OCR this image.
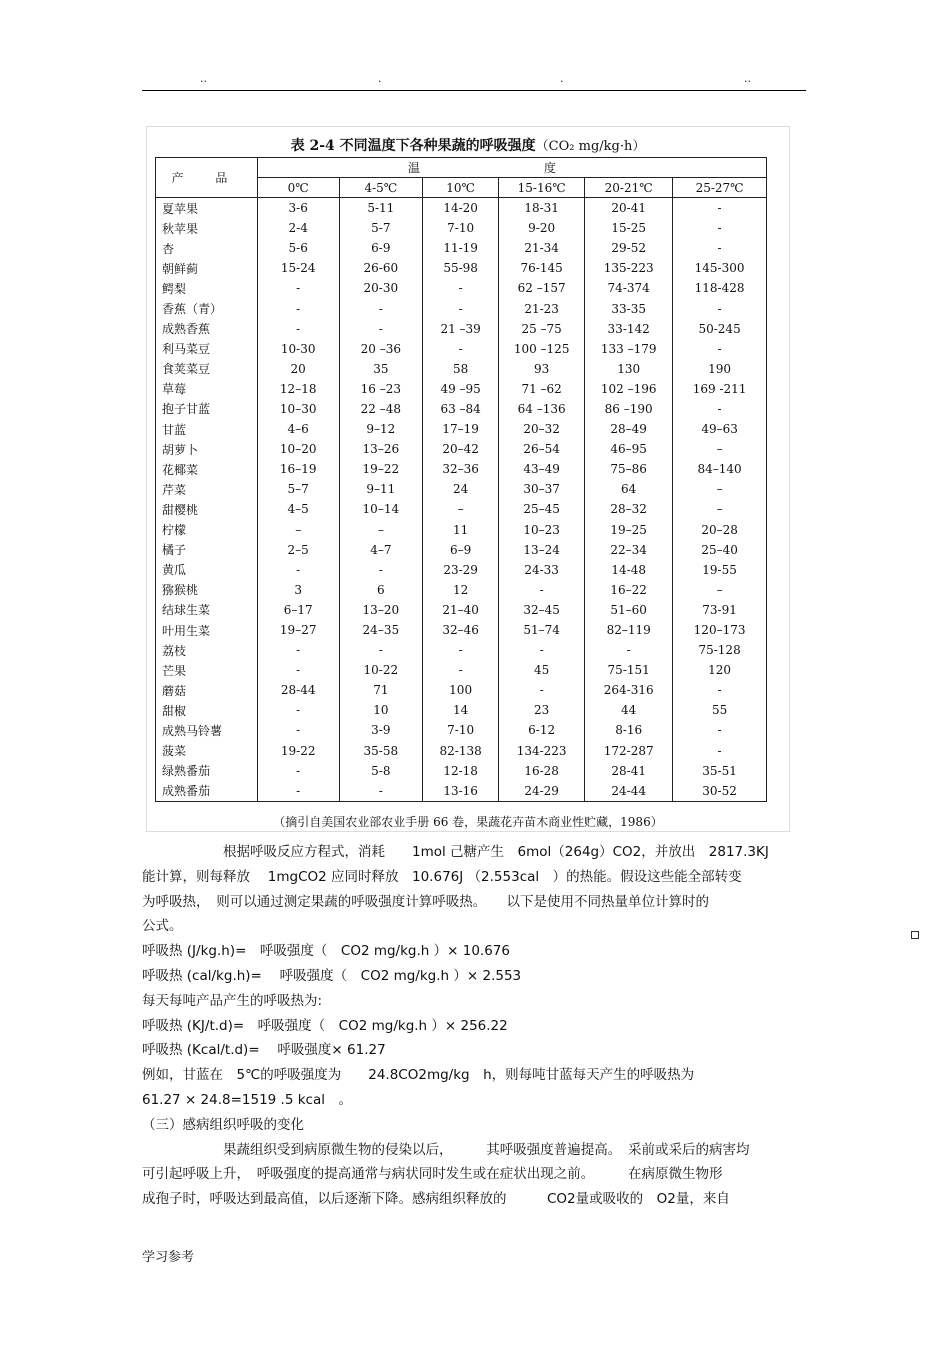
..	.	.	..
表 2-4 不同温度下各种果蔬的呼吸强度（CO₂ mg/kg·h）
产 品	温 度					
	0℃	4-5℃	10℃	15-16℃	20-21℃	25-27℃
夏苹果	3-6	5-11	14-20	18-31	20-41	-
秋苹果	2-4	5-7	7-10	9-20	15-25	-
杏	5-6	6-9	11-19	21-34	29-52	-
朝鲜蓟	15-24	26-60	55-98	76-145	135-223	145-300
鳄梨	-	20-30	-	62 –157	74-374	118-428
香蕉（青）	-	-	-	21-23	33-35	-
成熟香蕉	-	-	21 –39	25 –75	33-142	50-245
利马菜豆	10-30	20 –36	-	100 –125	133 –179	-
食荚菜豆	20	35	58	93	130	190
草莓	12–18	16 –23	49 –95	71 –62	102 –196	169 -211
抱子甘蓝	10–30	22 –48	63 –84	64 –136	86 –190	-
甘蓝	4–6	9–12	17–19	20–32	28–49	49–63
胡萝卜	10–20	13–26	20–42	26–54	46–95	–
花椰菜	16–19	19–22	32–36	43–49	75–86	84–140
芹菜	5–7	9–11	24	30–37	64	–
甜樱桃	4–5	10–14	–	25–45	28–32	–
柠檬	–	–	11	10–23	19–25	20–28
橘子	2–5	4–7	6–9	13–24	22–34	25–40
黄瓜	-	-	23-29	24-33	14-48	19-55
猕猴桃	3	6	12	-	16–22	–
结球生菜	6–17	13–20	21–40	32–45	51–60	73-91
叶用生菜	19–27	24–35	32–46	51–74	82–119	120–173
荔枝	-	-	-	-	-	75-128
芒果	-	10-22	-	45	75-151	120
蘑菇	28-44	71	100	-	264-316	-
甜椒	-	10	14	23	44	55
成熟马铃薯	-	3-9	7-10	6-12	8-16	-
菠菜	19-22	35-58	82-138	134-223	172-287	-
绿熟番茄	-	5-8	12-18	16-28	28-41	35-51
成熟番茄	-	-	13-16	24-29	24-44	30-52
（摘引自美国农业部农业手册 66 卷，果蔬花卉苗木商业性贮藏，1986）
　　　　　　根据呼吸反应方程式，消耗　　1mol 己糖产生　6mol（264g）CO2，并放出　2817.3KJ
能计算，则每释放　 1mgCO2 应同时释放　10.676J （2.553cal　）的热能。假设这些能全部转变
为呼吸热，　则可以通过测定果蔬的呼吸强度计算呼吸热。　　以下是使用不同热量单位计算时的
公式。
呼吸热 (J/kg.h)=　呼吸强度（　CO2 mg/kg.h ）× 10.676
呼吸热 (cal/kg.h)=　 呼吸强度（　CO2 mg/kg.h ）× 2.553
每天每吨产品产生的呼吸热为:
呼吸热 (KJ/t.d)=　呼吸强度（　CO2 mg/kg.h ）× 256.22
呼吸热 (Kcal/t.d)=　 呼吸强度× 61.27
例如，甘蓝在　5℃的呼吸强度为　　24.8CO2mg/kg　h，则每吨甘蓝每天产生的呼吸热为
61.27 × 24.8=1519 .5 kcal　。
（三）感病组织呼吸的变化
　　　　　　果蔬组织受到病原微生物的侵染以后，　　　其呼吸强度普遍提高。　采前或采后的病害均
可引起呼吸上升，　呼吸强度的提高通常与病状同时发生或在症状出现之前。　　　在病原微生物形
成孢子时，呼吸达到最高值，以后逐渐下降。感病组织释放的　　　CO2量或吸收的　O2量，来自
学习参考
